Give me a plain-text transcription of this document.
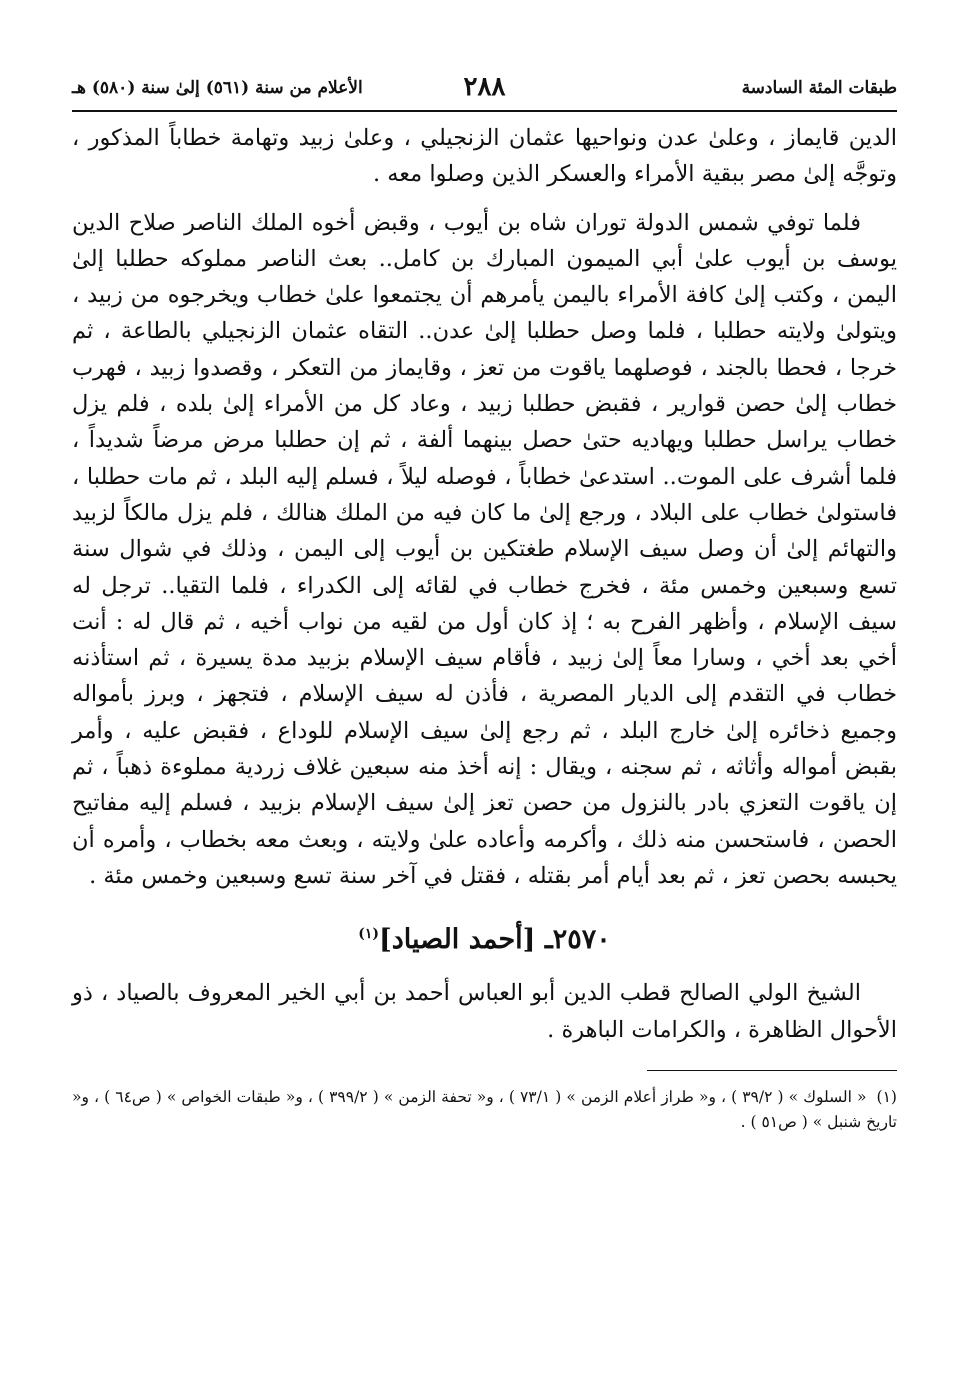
طبقات المئة السادسة
٢٨٨
الأعلام من سنة (٥٦١) إلىٰ سنة (٥٨٠) هـ

الدين قايماز ، وعلىٰ عدن ونواحيها عثمان الزنجيلي ، وعلىٰ زبيد وتهامة خطاباً المذكور ، وتوجَّه إلىٰ مصر ببقية الأمراء والعسكر الذين وصلوا معه .

فلما توفي شمس الدولة توران شاه بن أيوب ، وقبض أخوه الملك الناصر صلاح الدين يوسف بن أيوب علىٰ أبي الميمون المبارك بن كامل.. بعث الناصر مملوكه حطلبا إلىٰ اليمن ، وكتب إلىٰ كافة الأمراء باليمن يأمرهم أن يجتمعوا علىٰ خطاب ويخرجوه من زبيد ، ويتولىٰ ولايته حطلبا ، فلما وصل حطلبا إلىٰ عدن.. التقاه عثمان الزنجيلي بالطاعة ، ثم خرجا ، فحطا بالجند ، فوصلهما ياقوت من تعز ، وقايماز من التعكر ، وقصدوا زبيد ، فهرب خطاب إلىٰ حصن قوارير ، فقبض حطلبا زبيد ، وعاد كل من الأمراء إلىٰ بلده ، فلم يزل خطاب يراسل حطلبا ويهاديه حتىٰ حصل بينهما ألفة ، ثم إن حطلبا مرض مرضاً شديداً ، فلما أشرف على الموت.. استدعىٰ خطاباً ، فوصله ليلاً ، فسلم إليه البلد ، ثم مات حطلبا ، فاستولىٰ خطاب على البلاد ، ورجع إلىٰ ما كان فيه من الملك هنالك ، فلم يزل مالكاً لزبيد والتهائم إلىٰ أن وصل سيف الإسلام طغتكين بن أيوب إلى اليمن ، وذلك في شوال سنة تسع وسبعين وخمس مئة ، فخرج خطاب في لقائه إلى الكدراء ، فلما التقيا.. ترجل له سيف الإسلام ، وأظهر الفرح به ؛ إذ كان أول من لقيه من نواب أخيه ، ثم قال له : أنت أخي بعد أخي ، وسارا معاً إلىٰ زبيد ، فأقام سيف الإسلام بزبيد مدة يسيرة ، ثم استأذنه خطاب في التقدم إلى الديار المصرية ، فأذن له سيف الإسلام ، فتجهز ، وبرز بأمواله وجميع ذخائره إلىٰ خارج البلد ، ثم رجع إلىٰ سيف الإسلام للوداع ، فقبض عليه ، وأمر بقبض أمواله وأثاثه ، ثم سجنه ، ويقال : إنه أخذ منه سبعين غلاف زردية مملوءة ذهباً ، ثم إن ياقوت التعزي بادر بالنزول من حصن تعز إلىٰ سيف الإسلام بزبيد ، فسلم إليه مفاتيح الحصن ، فاستحسن منه ذلك ، وأكرمه وأعاده علىٰ ولايته ، وبعث معه بخطاب ، وأمره أن يحبسه بحصن تعز ، ثم بعد أيام أمر بقتله ، فقتل في آخر سنة تسع وسبعين وخمس مئة .

٢٥٧٠ـ [أحمد الصياد]$^{(١)}$

الشيخ الولي الصالح قطب الدين أبو العباس أحمد بن أبي الخير المعروف بالصياد ، ذو الأحوال الظاهرة ، والكرامات الباهرة .

(١)« السلوك » ( ٣٩/٢ ) ، و« طراز أعلام الزمن » ( ٧٣/١ ) ، و« تحفة الزمن » ( ٣٩٩/٢ ) ، و« طبقات الخواص » ( ص٦٤ ) ، و« تاريخ شنبل » ( ص٥١ ) .
